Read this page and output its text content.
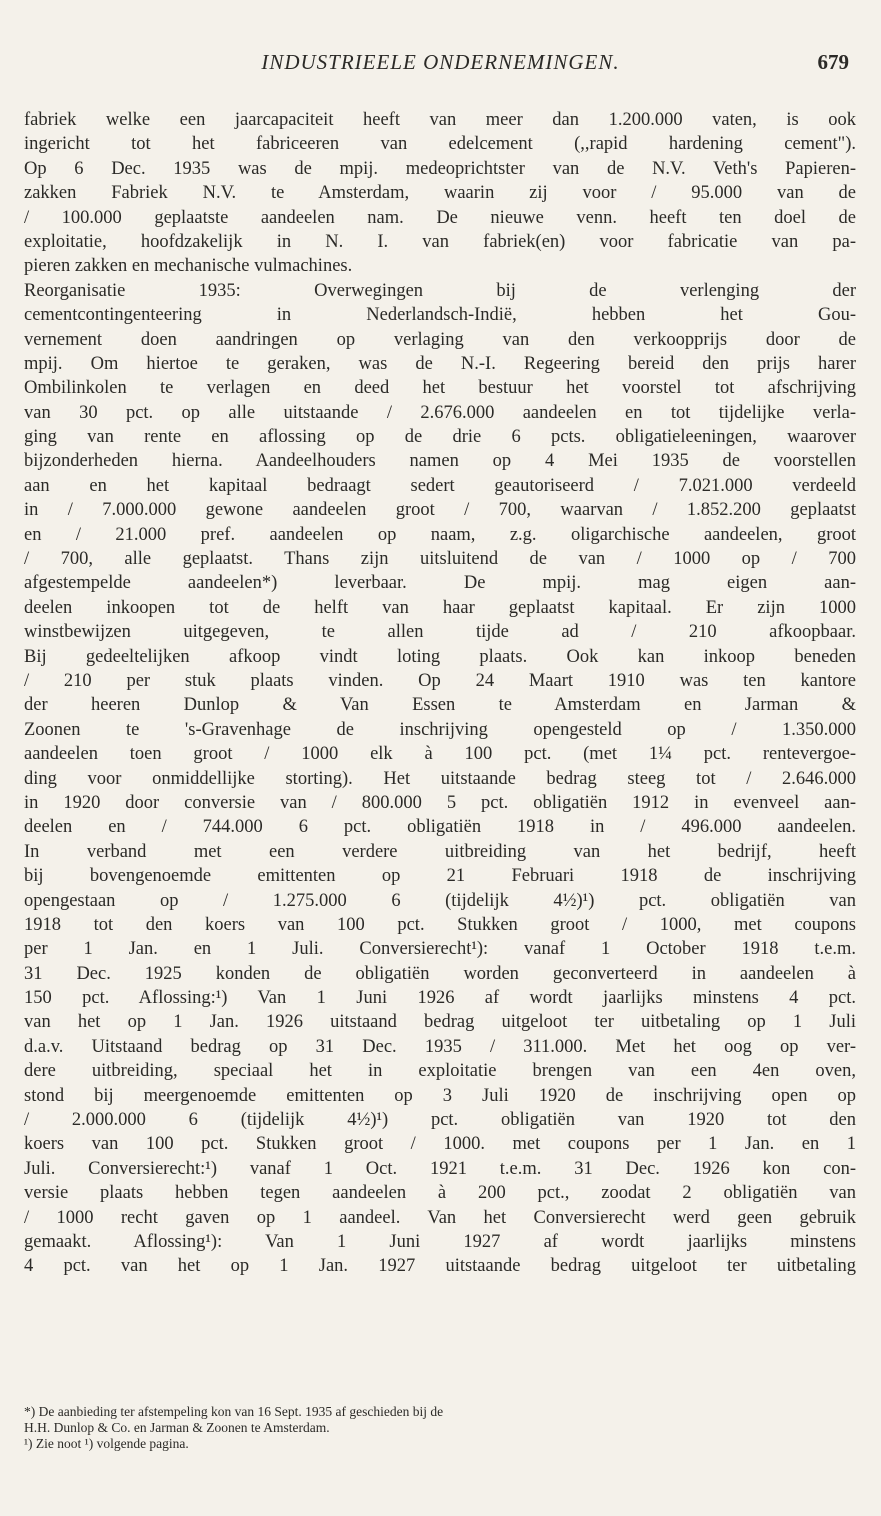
INDUSTRIEELE ONDERNEMINGEN.	679
fabriek welke een jaarcapaciteit heeft van meer dan 1.200.000 vaten, is ook
ingericht tot het fabriceeren van edelcement (,,rapid hardening cement").
Op 6 Dec. 1935 was de mpij. medeoprichtster van de N.V. Veth's Papieren-
zakken Fabriek N.V. te Amsterdam, waarin zij voor / 95.000 van de
/ 100.000 geplaatste aandeelen nam. De nieuwe venn. heeft ten doel de
exploitatie, hoofdzakelijk in N. I. van fabriek(en) voor fabricatie van pa-
pieren zakken en mechanische vulmachines.
Reorganisatie 1935: Overwegingen bij de verlenging der
cementcontingenteering in Nederlandsch-Indië, hebben het Gou-
vernement doen aandringen op verlaging van den verkoopprijs door de
mpij. Om hiertoe te geraken, was de N.-I. Regeering bereid den prijs harer
Ombilinkolen te verlagen en deed het bestuur het voorstel tot afschrijving
van 30 pct. op alle uitstaande / 2.676.000 aandeelen en tot tijdelijke verla-
ging van rente en aflossing op de drie 6 pcts. obligatieleeningen, waarover
bijzonderheden hierna. Aandeelhouders namen op 4 Mei 1935 de voorstellen
aan en het kapitaal bedraagt sedert geautoriseerd / 7.021.000 verdeeld
in / 7.000.000 gewone aandeelen groot / 700, waarvan / 1.852.200 geplaatst
en / 21.000 pref. aandeelen op naam, z.g. oligarchische aandeelen, groot
/ 700, alle geplaatst. Thans zijn uitsluitend de van / 1000 op / 700
afgestempelde aandeelen*) leverbaar. De mpij. mag eigen aan-
deelen inkoopen tot de helft van haar geplaatst kapitaal. Er zijn 1000
winstbewijzen uitgegeven, te allen tijde ad / 210 afkoopbaar.
Bij gedeeltelijken afkoop vindt loting plaats. Ook kan inkoop beneden
/ 210 per stuk plaats vinden. Op 24 Maart 1910 was ten kantore
der heeren Dunlop & Van Essen te Amsterdam en Jarman &
Zoonen te 's-Gravenhage de inschrijving opengesteld op / 1.350.000
aandeelen toen groot / 1000 elk à 100 pct. (met 1¼ pct. rentevergoe-
ding voor onmiddellijke storting). Het uitstaande bedrag steeg tot / 2.646.000
in 1920 door conversie van / 800.000 5 pct. obligatiën 1912 in evenveel aan-
deelen en / 744.000 6 pct. obligatiën 1918 in / 496.000 aandeelen.
In verband met een verdere uitbreiding van het bedrijf, heeft
bij bovengenoemde emittenten op 21 Februari 1918 de inschrijving
opengestaan op / 1.275.000 6 (tijdelijk 4½)¹) pct. obligatiën van
1918 tot den koers van 100 pct. Stukken groot / 1000, met coupons
per 1 Jan. en 1 Juli. Conversierecht¹): vanaf 1 October 1918 t.e.m.
31 Dec. 1925 konden de obligatiën worden geconverteerd in aandeelen à
150 pct. Aflossing:¹) Van 1 Juni 1926 af wordt jaarlijks minstens 4 pct.
van het op 1 Jan. 1926 uitstaand bedrag uitgeloot ter uitbetaling op 1 Juli
d.a.v. Uitstaand bedrag op 31 Dec. 1935 / 311.000. Met het oog op ver-
dere uitbreiding, speciaal het in exploitatie brengen van een 4en oven,
stond bij meergenoemde emittenten op 3 Juli 1920 de inschrijving open op
/ 2.000.000 6 (tijdelijk 4½)¹) pct. obligatiën van 1920 tot den
koers van 100 pct. Stukken groot / 1000. met coupons per 1 Jan. en 1
Juli. Conversierecht:¹) vanaf 1 Oct. 1921 t.e.m. 31 Dec. 1926 kon con-
versie plaats hebben tegen aandeelen à 200 pct., zoodat 2 obligatiën van
/ 1000 recht gaven op 1 aandeel. Van het Conversierecht werd geen gebruik
gemaakt. Aflossing¹): Van 1 Juni 1927 af wordt jaarlijks minstens
4 pct. van het op 1 Jan. 1927 uitstaande bedrag uitgeloot ter uitbetaling
*) De aanbieding ter afstempeling kon van 16 Sept. 1935 af geschieden bij de
H.H. Dunlop & Co. en Jarman & Zoonen te Amsterdam.
¹) Zie noot ¹) volgende pagina.
